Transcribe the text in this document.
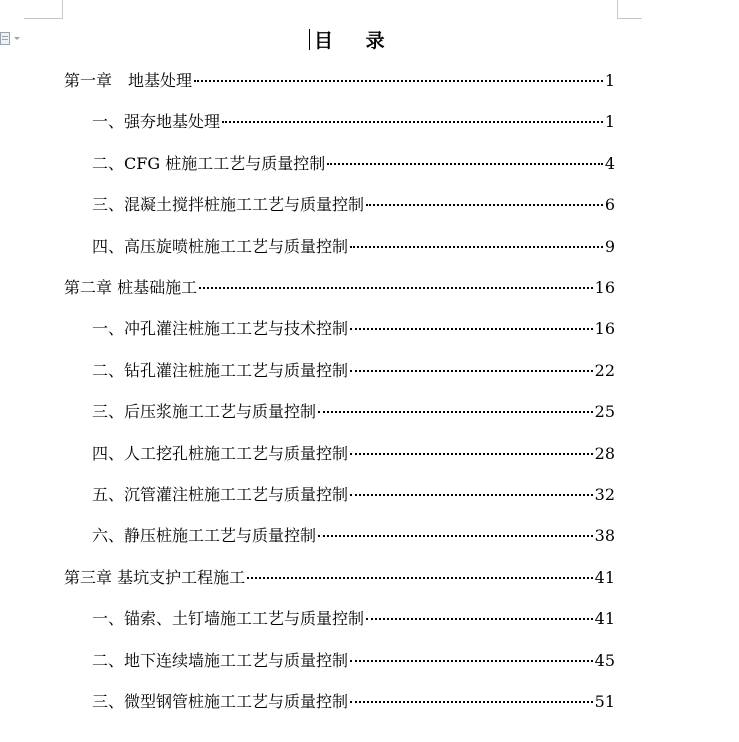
目 录
第一章　地基处理	1
一、强夯地基处理	1
二、CFG 桩施工工艺与质量控制	4
三、混凝土搅拌桩施工工艺与质量控制	6
四、高压旋喷桩施工工艺与质量控制	9
第二章 桩基础施工	16
一、冲孔灌注桩施工工艺与技术控制	16
二、钻孔灌注桩施工工艺与质量控制	22
三、后压浆施工工艺与质量控制	25
四、人工挖孔桩施工工艺与质量控制	28
五、沉管灌注桩施工工艺与质量控制	32
六、静压桩施工工艺与质量控制	38
第三章 基坑支护工程施工	41
一、锚索、土钉墙施工工艺与质量控制	41
二、地下连续墙施工工艺与质量控制	45
三、微型钢管桩施工工艺与质量控制	51
